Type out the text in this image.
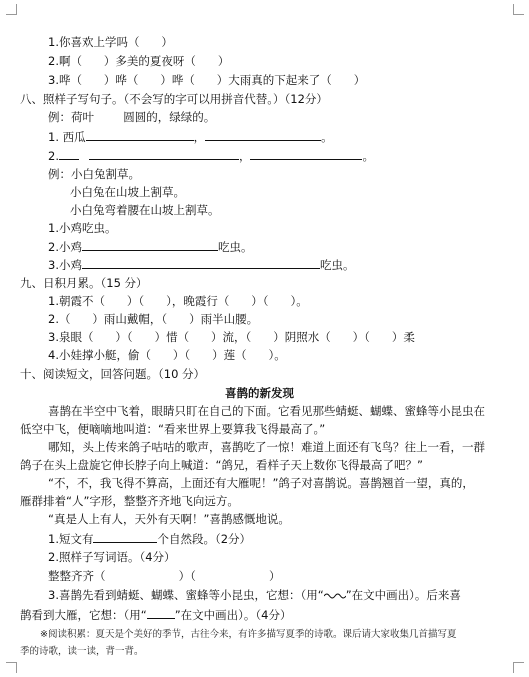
1.你喜欢上学吗（      ）
2.啊（      ）多美的夏夜呀（      ）
3.哗（      ）哗（      ）哗（      ）大雨真的下起来了（      ）
八、照样子写句子。（不会写的字可以用拼音代替。）（12分）
例：荷叶        圆圆的，绿绿的。
1. 西瓜	，	。
2.	，	。
例：小白兔割草。
小白兔在山坡上割草。
小白兔弯着腰在山坡上割草。
1.小鸡吃虫。
2.小鸡	吃虫。
3.小鸡	吃虫。
九、日积月累。（15 分）
1.朝霞不（      ）（      ），晚霞行（      ）（      ）。
2.（      ）雨山戴帽，（      ）雨半山腰。
3.泉眼（      ）（      ）惜（      ）流，（      ）阴照水（      ）（      ）柔
4.小娃撑小艇，偷（      ）（      ）莲（      ）。
十、阅读短文，回答问题。（10 分）
喜鹊的新发现
喜鹊在半空中飞着，眼睛只盯在自己的下面。它看见那些蜻蜓、蝴蝶、蜜蜂等小昆虫在
低空中飞，便嘀嘀地叫道：“看来世界上要算我飞得最高了。”
哪知，头上传来鸽子咕咕的歌声，喜鹊吃了一惊！难道上面还有飞鸟？往上一看，一群
鸽子在头上盘旋它伸长脖子向上喊道：“鸽兄，看样子天上数你飞得最高了吧？”
“不，不，我飞得不算高，上面还有大雁呢！”鸽子对喜鹊说。喜鹊翘首一望，真的，
雁群排着“人”字形，整整齐齐地飞向远方。
“真是人上有人，天外有天啊！”喜鹊感慨地说。
1.短文有	个自然段。（2分）
2.照样子写词语。（4分）
整整齐齐（                    ）（                    ）
3.喜鹊先看到蜻蜓、蝴蝶、蜜蜂等小昆虫，它想：（用“ ”在文中画出）。后来喜
鹊看到大雁，它想：（用“ ”在文中画出）。（4分）
※阅读积累：夏天是个美好的季节，古往今来，有许多描写夏季的诗歌。课后请大家收集几首描写夏
季的诗歌，读一读，背一背。
